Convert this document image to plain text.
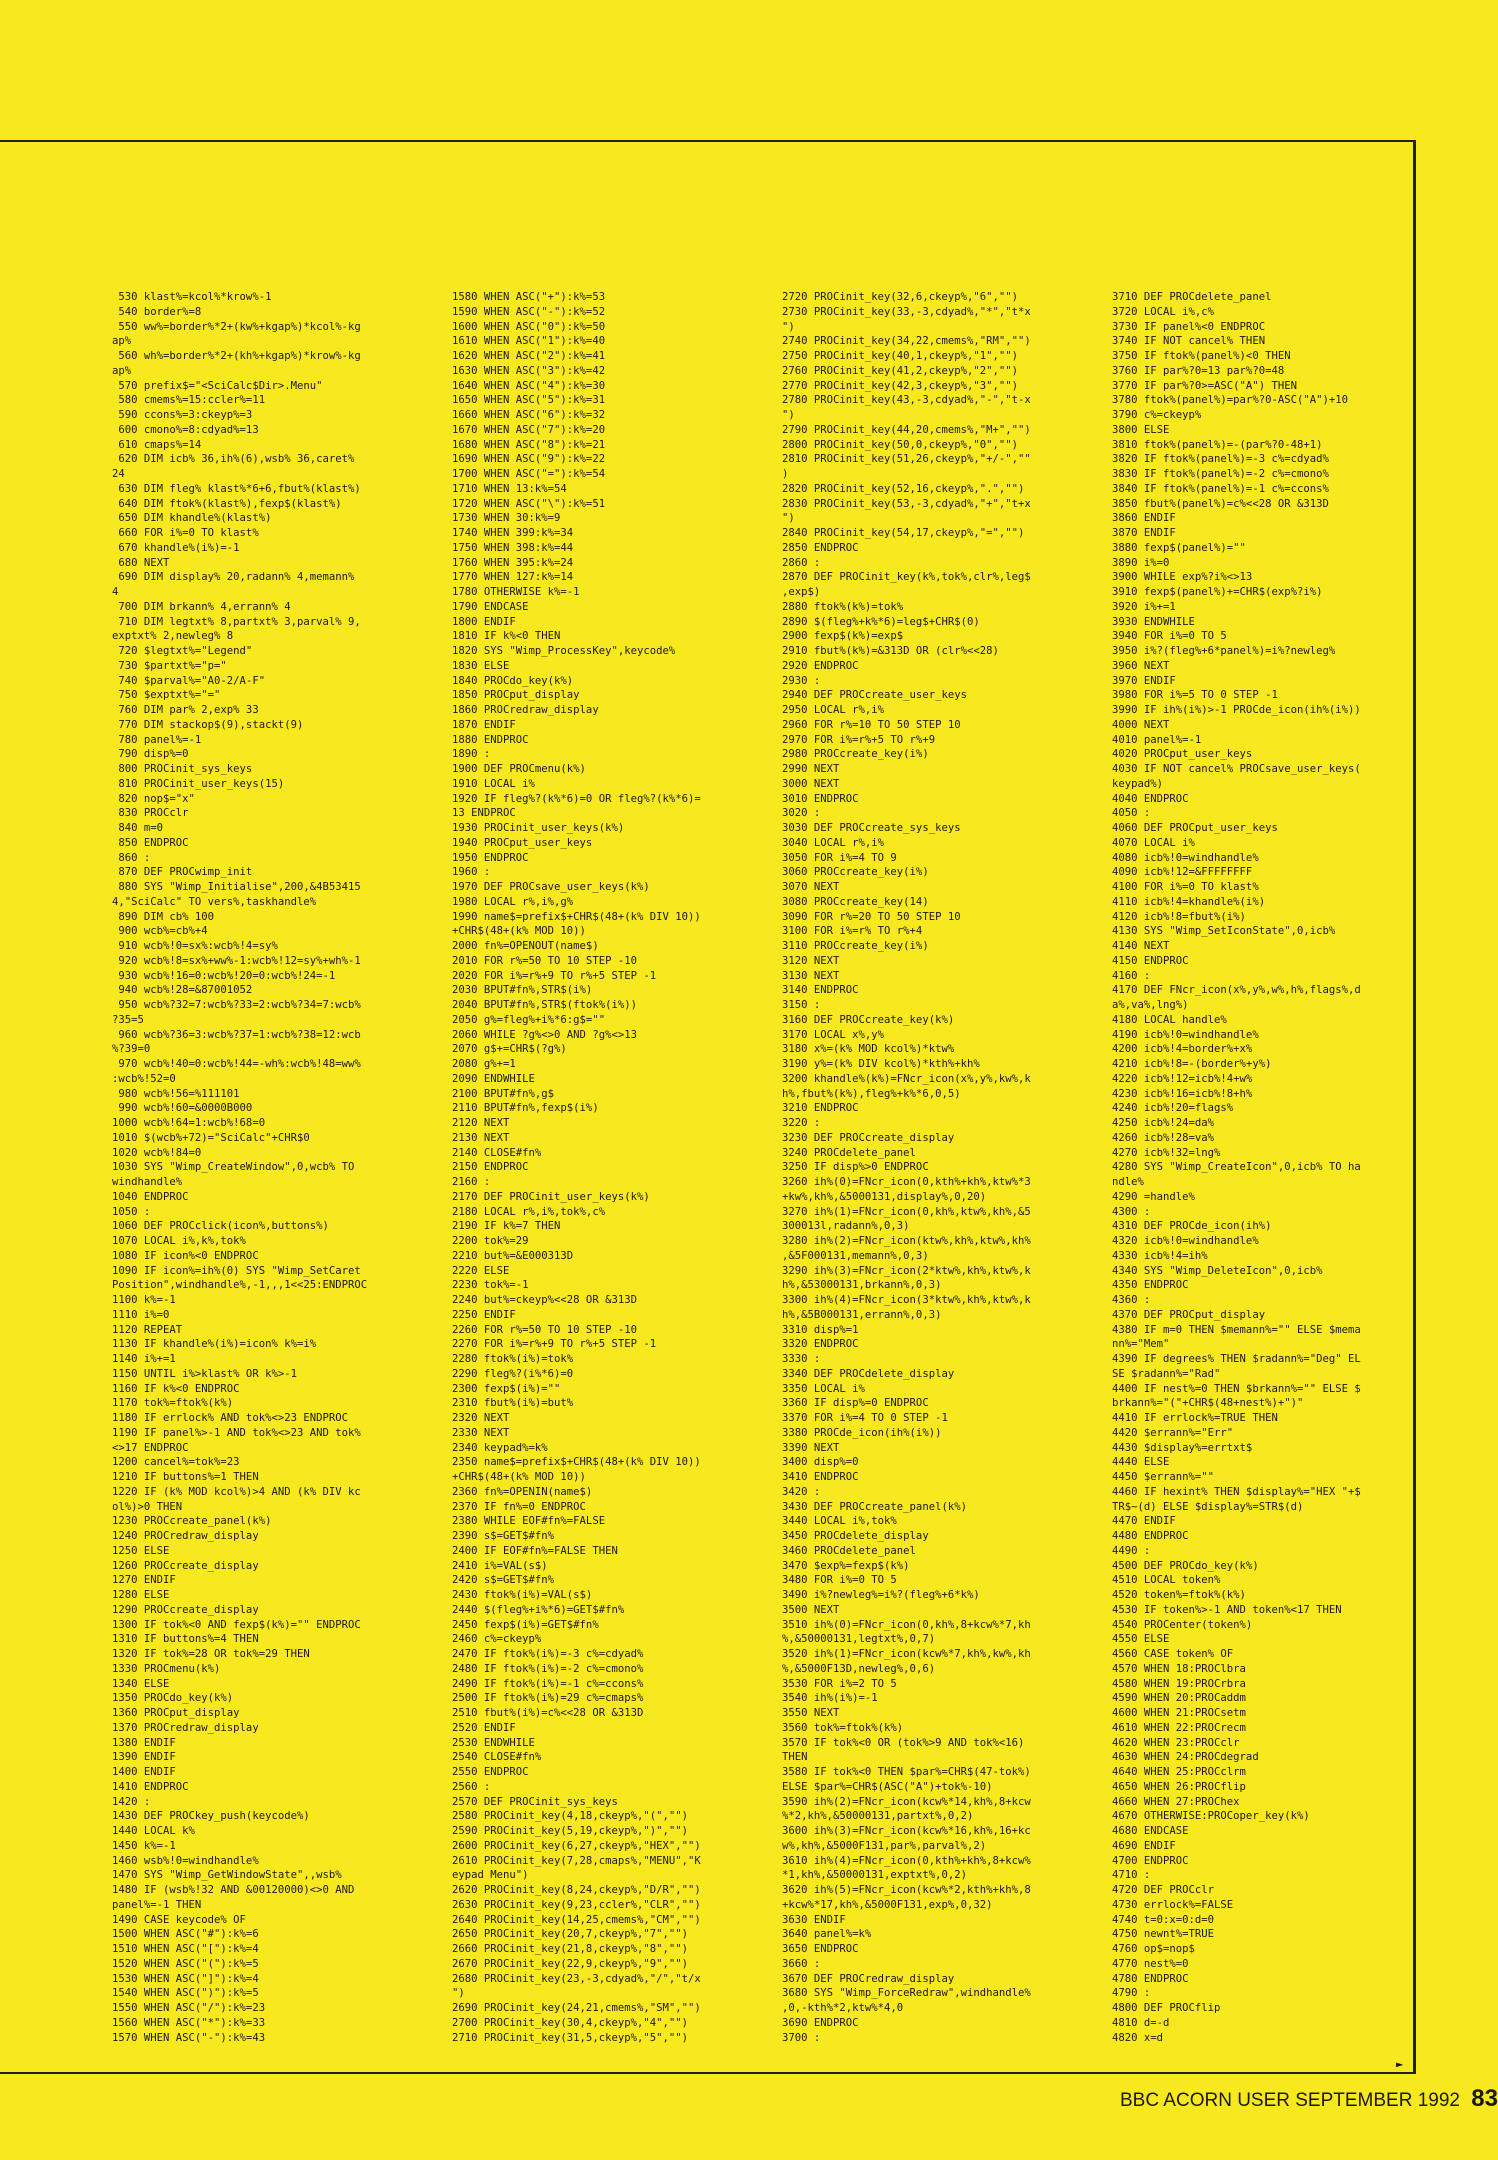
►
530 klast%=kcol%*krow%-1
540 border%=8
550 ww%=border%*2+(kw%+kgap%)*kcol%-kg
ap%
560 wh%=border%*2+(kh%+kgap%)*krow%-kg
ap%
570 prefix$="<SciCalc$Dir>.Menu"
580 cmems%=15:ccler%=11
590 ccons%=3:ckeyp%=3
600 cmono%=8:cdyad%=13
610 cmaps%=14
620 DIM icb% 36,ih%(6),wsb% 36,caret%
24
630 DIM fleg% klast%*6+6,fbut%(klast%)
640 DIM ftok%(klast%),fexp$(klast%)
650 DIM khandle%(klast%)
660 FOR i%=0 TO klast%
670 khandle%(i%)=-1
680 NEXT
690 DIM display% 20,radann% 4,memann%
4
700 DIM brkann% 4,errann% 4
710 DIM legtxt% 8,partxt% 3,parval% 9,
exptxt% 2,newleg% 8
720 $legtxt%="Legend"
730 $partxt%="p="
740 $parval%="A0-2/A-F"
750 $exptxt%="="
760 DIM par% 2,exp% 33
770 DIM stackop$(9),stackt(9)
780 panel%=-1
790 disp%=0
800 PROCinit_sys_keys
810 PROCinit_user_keys(15)
820 nop$="x"
830 PROCclr
840 m=0
850 ENDPROC
860 :
870 DEF PROCwimp_init
880 SYS "Wimp_Initialise",200,&4B53415
4,"SciCalc" TO vers%,taskhandle%
890 DIM cb% 100
900 wcb%=cb%+4
910 wcb%!0=sx%:wcb%!4=sy%
920 wcb%!8=sx%+ww%-1:wcb%!12=sy%+wh%-1
930 wcb%!16=0:wcb%!20=0:wcb%!24=-1
940 wcb%!28=&87001052
950 wcb%?32=7:wcb%?33=2:wcb%?34=7:wcb%
?35=5
960 wcb%?36=3:wcb%?37=1:wcb%?38=12:wcb
%?39=0
970 wcb%!40=0:wcb%!44=-wh%:wcb%!48=ww%
:wcb%!52=0
980 wcb%!56=%111101
990 wcb%!60=&0000B000
1000 wcb%!64=1:wcb%!68=0
1010 $(wcb%+72)="SciCalc"+CHR$0
1020 wcb%!84=0
1030 SYS "Wimp_CreateWindow",0,wcb% TO
windhandle%
1040 ENDPROC
1050 :
1060 DEF PROCclick(icon%,buttons%)
1070 LOCAL i%,k%,tok%
1080 IF icon%<0 ENDPROC
1090 IF icon%=ih%(0) SYS "Wimp_SetCaret
Position",windhandle%,-1,,,1<<25:ENDPROC
1100 k%=-1
1110 i%=0
1120 REPEAT
1130 IF khandle%(i%)=icon% k%=i%
1140 i%+=1
1150 UNTIL i%>klast% OR k%>-1
1160 IF k%<0 ENDPROC
1170 tok%=ftok%(k%)
1180 IF errlock% AND tok%<>23 ENDPROC
1190 IF panel%>-1 AND tok%<>23 AND tok%
<>17 ENDPROC
1200 cancel%=tok%=23
1210 IF buttons%=1 THEN
1220 IF (k% MOD kcol%)>4 AND (k% DIV kc
ol%)>0 THEN
1230 PROCcreate_panel(k%)
1240 PROCredraw_display
1250 ELSE
1260 PROCcreate_display
1270 ENDIF
1280 ELSE
1290 PROCcreate_display
1300 IF tok%<0 AND fexp$(k%)="" ENDPROC
1310 IF buttons%=4 THEN
1320 IF tok%=28 OR tok%=29 THEN
1330 PROCmenu(k%)
1340 ELSE
1350 PROCdo_key(k%)
1360 PROCput_display
1370 PROCredraw_display
1380 ENDIF
1390 ENDIF
1400 ENDIF
1410 ENDPROC
1420 :
1430 DEF PROCkey_push(keycode%)
1440 LOCAL k%
1450 k%=-1
1460 wsb%!0=windhandle%
1470 SYS "Wimp_GetWindowState",,wsb%
1480 IF (wsb%!32 AND &00120000)<>0 AND
panel%=-1 THEN
1490 CASE keycode% OF
1500 WHEN ASC("#"):k%=6
1510 WHEN ASC("["):k%=4
1520 WHEN ASC("("):k%=5
1530 WHEN ASC("]"):k%=4
1540 WHEN ASC(")"):k%=5
1550 WHEN ASC("/"):k%=23
1560 WHEN ASC("*"):k%=33
1570 WHEN ASC("-"):k%=43
1580 WHEN ASC("+"):k%=53
1590 WHEN ASC("-"):k%=52
1600 WHEN ASC("0"):k%=50
1610 WHEN ASC("1"):k%=40
1620 WHEN ASC("2"):k%=41
1630 WHEN ASC("3"):k%=42
1640 WHEN ASC("4"):k%=30
1650 WHEN ASC("5"):k%=31
1660 WHEN ASC("6"):k%=32
1670 WHEN ASC("7"):k%=20
1680 WHEN ASC("8"):k%=21
1690 WHEN ASC("9"):k%=22
1700 WHEN ASC("="):k%=54
1710 WHEN 13:k%=54
1720 WHEN ASC("\"):k%=51
1730 WHEN 30:k%=9
1740 WHEN 399:k%=34
1750 WHEN 398:k%=44
1760 WHEN 395:k%=24
1770 WHEN 127:k%=14
1780 OTHERWISE k%=-1
1790 ENDCASE
1800 ENDIF
1810 IF k%<0 THEN
1820 SYS "Wimp_ProcessKey",keycode%
1830 ELSE
1840 PROCdo_key(k%)
1850 PROCput_display
1860 PROCredraw_display
1870 ENDIF
1880 ENDPROC
1890 :
1900 DEF PROCmenu(k%)
1910 LOCAL i%
1920 IF fleg%?(k%*6)=0 OR fleg%?(k%*6)=
13 ENDPROC
1930 PROCinit_user_keys(k%)
1940 PROCput_user_keys
1950 ENDPROC
1960 :
1970 DEF PROCsave_user_keys(k%)
1980 LOCAL r%,i%,g%
1990 name$=prefix$+CHR$(48+(k% DIV 10))
+CHR$(48+(k% MOD 10))
2000 fn%=OPENOUT(name$)
2010 FOR r%=50 TO 10 STEP -10
2020 FOR i%=r%+9 TO r%+5 STEP -1
2030 BPUT#fn%,STR$(i%)
2040 BPUT#fn%,STR$(ftok%(i%))
2050 g%=fleg%+i%*6:g$=""
2060 WHILE ?g%<>0 AND ?g%<>13
2070 g$+=CHR$(?g%)
2080 g%+=1
2090 ENDWHILE
2100 BPUT#fn%,g$
2110 BPUT#fn%,fexp$(i%)
2120 NEXT
2130 NEXT
2140 CLOSE#fn%
2150 ENDPROC
2160 :
2170 DEF PROCinit_user_keys(k%)
2180 LOCAL r%,i%,tok%,c%
2190 IF k%=7 THEN
2200 tok%=29
2210 but%=&E000313D
2220 ELSE
2230 tok%=-1
2240 but%=ckeyp%<<28 OR &313D
2250 ENDIF
2260 FOR r%=50 TO 10 STEP -10
2270 FOR i%=r%+9 TO r%+5 STEP -1
2280 ftok%(i%)=tok%
2290 fleg%?(i%*6)=0
2300 fexp$(i%)=""
2310 fbut%(i%)=but%
2320 NEXT
2330 NEXT
2340 keypad%=k%
2350 name$=prefix$+CHR$(48+(k% DIV 10))
+CHR$(48+(k% MOD 10))
2360 fn%=OPENIN(name$)
2370 IF fn%=0 ENDPROC
2380 WHILE EOF#fn%=FALSE
2390 s$=GET$#fn%
2400 IF EOF#fn%=FALSE THEN
2410 i%=VAL(s$)
2420 s$=GET$#fn%
2430 ftok%(i%)=VAL(s$)
2440 $(fleg%+i%*6)=GET$#fn%
2450 fexp$(i%)=GET$#fn%
2460 c%=ckeyp%
2470 IF ftok%(i%)=-3 c%=cdyad%
2480 IF ftok%(i%)=-2 c%=cmono%
2490 IF ftok%(i%)=-1 c%=ccons%
2500 IF ftok%(i%)=29 c%=cmaps%
2510 fbut%(i%)=c%<<28 OR &313D
2520 ENDIF
2530 ENDWHILE
2540 CLOSE#fn%
2550 ENDPROC
2560 :
2570 DEF PROCinit_sys_keys
2580 PROCinit_key(4,18,ckeyp%,"(","")
2590 PROCinit_key(5,19,ckeyp%,")","")
2600 PROCinit_key(6,27,ckeyp%,"HEX","")
2610 PROCinit_key(7,28,cmaps%,"MENU","K
eypad Menu")
2620 PROCinit_key(8,24,ckeyp%,"D/R","")
2630 PROCinit_key(9,23,ccler%,"CLR","")
2640 PROCinit_key(14,25,cmems%,"CM","")
2650 PROCinit_key(20,7,ckeyp%,"7","")
2660 PROCinit_key(21,8,ckeyp%,"8","")
2670 PROCinit_key(22,9,ckeyp%,"9","")
2680 PROCinit_key(23,-3,cdyad%,"/","t/x
")
2690 PROCinit_key(24,21,cmems%,"SM","")
2700 PROCinit_key(30,4,ckeyp%,"4","")
2710 PROCinit_key(31,5,ckeyp%,"5","")
2720 PROCinit_key(32,6,ckeyp%,"6","")
2730 PROCinit_key(33,-3,cdyad%,"*","t*x
")
2740 PROCinit_key(34,22,cmems%,"RM","")
2750 PROCinit_key(40,1,ckeyp%,"1","")
2760 PROCinit_key(41,2,ckeyp%,"2","")
2770 PROCinit_key(42,3,ckeyp%,"3","")
2780 PROCinit_key(43,-3,cdyad%,"-","t-x
")
2790 PROCinit_key(44,20,cmems%,"M+","")
2800 PROCinit_key(50,0,ckeyp%,"0","")
2810 PROCinit_key(51,26,ckeyp%,"+/-",""
)
2820 PROCinit_key(52,16,ckeyp%,".","")
2830 PROCinit_key(53,-3,cdyad%,"+","t+x
")
2840 PROCinit_key(54,17,ckeyp%,"=","")
2850 ENDPROC
2860 :
2870 DEF PROCinit_key(k%,tok%,clr%,leg$
,exp$)
2880 ftok%(k%)=tok%
2890 $(fleg%+k%*6)=leg$+CHR$(0)
2900 fexp$(k%)=exp$
2910 fbut%(k%)=&313D OR (clr%<<28)
2920 ENDPROC
2930 :
2940 DEF PROCcreate_user_keys
2950 LOCAL r%,i%
2960 FOR r%=10 TO 50 STEP 10
2970 FOR i%=r%+5 TO r%+9
2980 PROCcreate_key(i%)
2990 NEXT
3000 NEXT
3010 ENDPROC
3020 :
3030 DEF PROCcreate_sys_keys
3040 LOCAL r%,i%
3050 FOR i%=4 TO 9
3060 PROCcreate_key(i%)
3070 NEXT
3080 PROCcreate_key(14)
3090 FOR r%=20 TO 50 STEP 10
3100 FOR i%=r% TO r%+4
3110 PROCcreate_key(i%)
3120 NEXT
3130 NEXT
3140 ENDPROC
3150 :
3160 DEF PROCcreate_key(k%)
3170 LOCAL x%,y%
3180 x%=(k% MOD kcol%)*ktw%
3190 y%=(k% DIV kcol%)*kth%+kh%
3200 khandle%(k%)=FNcr_icon(x%,y%,kw%,k
h%,fbut%(k%),fleg%+k%*6,0,5)
3210 ENDPROC
3220 :
3230 DEF PROCcreate_display
3240 PROCdelete_panel
3250 IF disp%>0 ENDPROC
3260 ih%(0)=FNcr_icon(0,kth%+kh%,ktw%*3
+kw%,kh%,&5000131,display%,0,20)
3270 ih%(1)=FNcr_icon(0,kh%,ktw%,kh%,&5
300013l,radann%,0,3)
3280 ih%(2)=FNcr_icon(ktw%,kh%,ktw%,kh%
,&5F000131,memann%,0,3)
3290 ih%(3)=FNcr_icon(2*ktw%,kh%,ktw%,k
h%,&53000131,brkann%,0,3)
3300 ih%(4)=FNcr_icon(3*ktw%,kh%,ktw%,k
h%,&5B000131,errann%,0,3)
3310 disp%=1
3320 ENDPROC
3330 :
3340 DEF PROCdelete_display
3350 LOCAL i%
3360 IF disp%=0 ENDPROC
3370 FOR i%=4 TO 0 STEP -1
3380 PROCde_icon(ih%(i%))
3390 NEXT
3400 disp%=0
3410 ENDPROC
3420 :
3430 DEF PROCcreate_panel(k%)
3440 LOCAL i%,tok%
3450 PROCdelete_display
3460 PROCdelete_panel
3470 $exp%=fexp$(k%)
3480 FOR i%=0 TO 5
3490 i%?newleg%=i%?(fleg%+6*k%)
3500 NEXT
3510 ih%(0)=FNcr_icon(0,kh%,8+kcw%*7,kh
%,&50000131,legtxt%,0,7)
3520 ih%(1)=FNcr_icon(kcw%*7,kh%,kw%,kh
%,&5000F13D,newleg%,0,6)
3530 FOR i%=2 TO 5
3540 ih%(i%)=-1
3550 NEXT
3560 tok%=ftok%(k%)
3570 IF tok%<0 OR (tok%>9 AND tok%<16)
THEN
3580 IF tok%<0 THEN $par%=CHR$(47-tok%)
ELSE $par%=CHR$(ASC("A")+tok%-10)
3590 ih%(2)=FNcr_icon(kcw%*14,kh%,8+kcw
%*2,kh%,&50000131,partxt%,0,2)
3600 ih%(3)=FNcr_icon(kcw%*16,kh%,16+kc
w%,kh%,&5000F131,par%,parval%,2)
3610 ih%(4)=FNcr_icon(0,kth%+kh%,8+kcw%
*1,kh%,&50000131,exptxt%,0,2)
3620 ih%(5)=FNcr_icon(kcw%*2,kth%+kh%,8
+kcw%*17,kh%,&5000F131,exp%,0,32)
3630 ENDIF
3640 panel%=k%
3650 ENDPROC
3660 :
3670 DEF PROCredraw_display
3680 SYS "Wimp_ForceRedraw",windhandle%
,0,-kth%*2,ktw%*4,0
3690 ENDPROC
3700 :
3710 DEF PROCdelete_panel
3720 LOCAL i%,c%
3730 IF panel%<0 ENDPROC
3740 IF NOT cancel% THEN
3750 IF ftok%(panel%)<0 THEN
3760 IF par%?0=13 par%?0=48
3770 IF par%?0>=ASC("A") THEN
3780 ftok%(panel%)=par%?0-ASC("A")+10
3790 c%=ckeyp%
3800 ELSE
3810 ftok%(panel%)=-(par%?0-48+1)
3820 IF ftok%(panel%)=-3 c%=cdyad%
3830 IF ftok%(panel%)=-2 c%=cmono%
3840 IF ftok%(panel%)=-1 c%=ccons%
3850 fbut%(panel%)=c%<<28 OR &313D
3860 ENDIF
3870 ENDIF
3880 fexp$(panel%)=""
3890 i%=0
3900 WHILE exp%?i%<>13
3910 fexp$(panel%)+=CHR$(exp%?i%)
3920 i%+=1
3930 ENDWHILE
3940 FOR i%=0 TO 5
3950 i%?(fleg%+6*panel%)=i%?newleg%
3960 NEXT
3970 ENDIF
3980 FOR i%=5 TO 0 STEP -1
3990 IF ih%(i%)>-1 PROCde_icon(ih%(i%))
4000 NEXT
4010 panel%=-1
4020 PROCput_user_keys
4030 IF NOT cancel% PROCsave_user_keys(
keypad%)
4040 ENDPROC
4050 :
4060 DEF PROCput_user_keys
4070 LOCAL i%
4080 icb%!0=windhandle%
4090 icb%!12=&FFFFFFFF
4100 FOR i%=0 TO klast%
4110 icb%!4=khandle%(i%)
4120 icb%!8=fbut%(i%)
4130 SYS "Wimp_SetIconState",0,icb%
4140 NEXT
4150 ENDPROC
4160 :
4170 DEF FNcr_icon(x%,y%,w%,h%,flags%,d
a%,va%,lng%)
4180 LOCAL handle%
4190 icb%!0=windhandle%
4200 icb%!4=border%+x%
4210 icb%!8=-(border%+y%)
4220 icb%!12=icb%!4+w%
4230 icb%!16=icb%!8+h%
4240 icb%!20=flags%
4250 icb%!24=da%
4260 icb%!28=va%
4270 icb%!32=lng%
4280 SYS "Wimp_CreateIcon",0,icb% TO ha
ndle%
4290 =handle%
4300 :
4310 DEF PROCde_icon(ih%)
4320 icb%!0=windhandle%
4330 icb%!4=ih%
4340 SYS "Wimp_DeleteIcon",0,icb%
4350 ENDPROC
4360 :
4370 DEF PROCput_display
4380 IF m=0 THEN $memann%="" ELSE $mema
nn%="Mem"
4390 IF degrees% THEN $radann%="Deg" EL
SE $radann%="Rad"
4400 IF nest%=0 THEN $brkann%="" ELSE $
brkann%="("+CHR$(48+nest%)+")"
4410 IF errlock%=TRUE THEN
4420 $errann%="Err"
4430 $display%=errtxt$
4440 ELSE
4450 $errann%=""
4460 IF hexint% THEN $display%="HEX "+$
TR$~(d) ELSE $display%=STR$(d)
4470 ENDIF
4480 ENDPROC
4490 :
4500 DEF PROCdo_key(k%)
4510 LOCAL token%
4520 token%=ftok%(k%)
4530 IF token%>-1 AND token%<17 THEN
4540 PROCenter(token%)
4550 ELSE
4560 CASE token% OF
4570 WHEN 18:PROClbra
4580 WHEN 19:PROCrbra
4590 WHEN 20:PROCaddm
4600 WHEN 21:PROCsetm
4610 WHEN 22:PROCrecm
4620 WHEN 23:PROCclr
4630 WHEN 24:PROCdegrad
4640 WHEN 25:PROCclrm
4650 WHEN 26:PROCflip
4660 WHEN 27:PROChex
4670 OTHERWISE:PROCoper_key(k%)
4680 ENDCASE
4690 ENDIF
4700 ENDPROC
4710 :
4720 DEF PROCclr
4730 errlock%=FALSE
4740 t=0:x=0:d=0
4750 newnt%=TRUE
4760 op$=nop$
4770 nest%=0
4780 ENDPROC
4790 :
4800 DEF PROCflip
4810 d=-d
4820 x=d
BBC ACORN USER SEPTEMBER 1992 83
